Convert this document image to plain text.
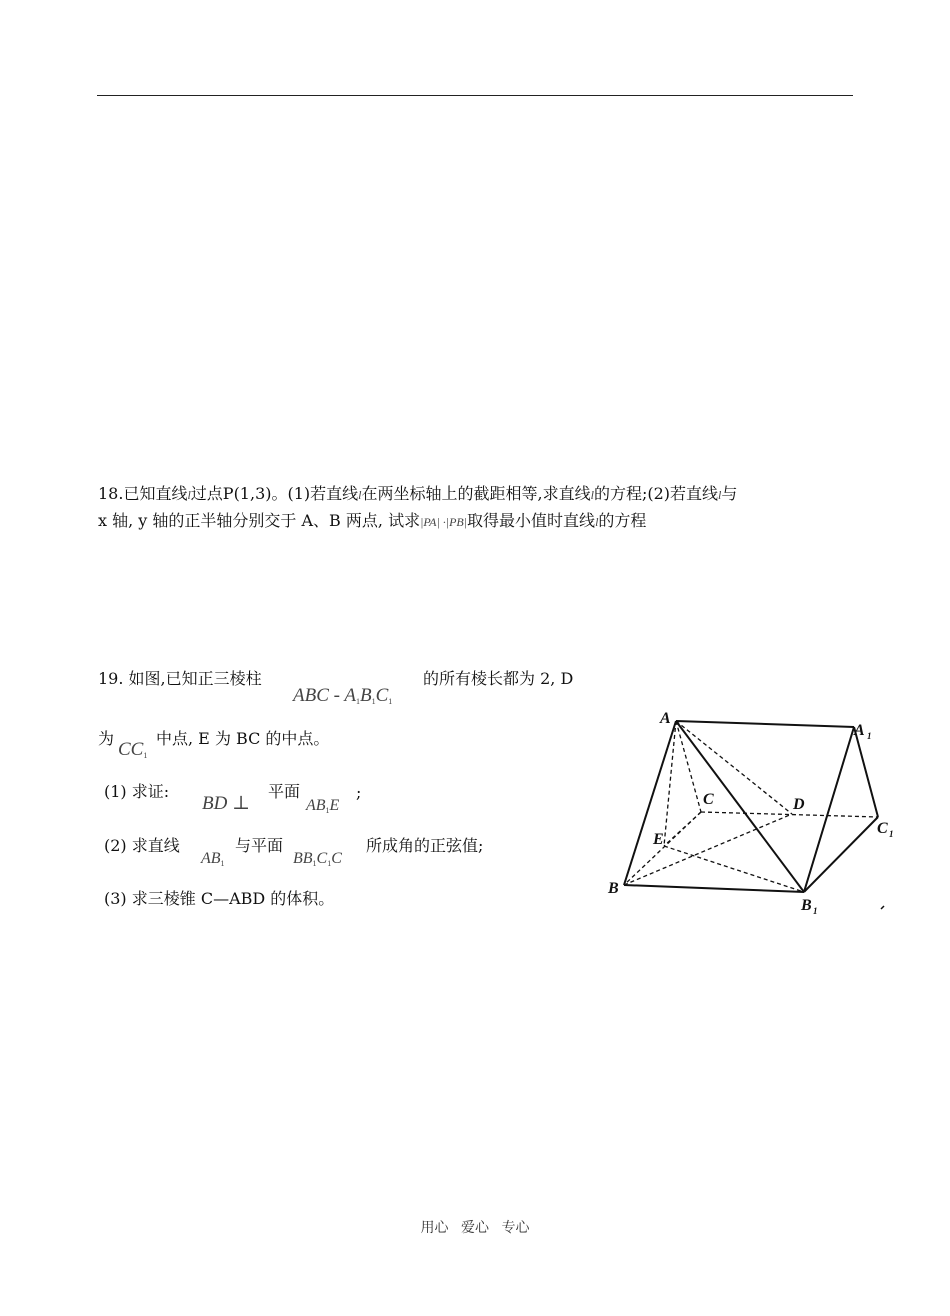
18.已知直线l过点P(1,3)。(1)若直线l在两坐标轴上的截距相等,求直线l的方程;(2)若直线l与
x 轴, y 轴的正半轴分别交于 A、B 两点, 试求|PA| ·|PB|取得最小值时直线l的方程
19. 如图,已知正三棱柱
ABC - $A_1B_1C_1$
的所有棱长都为 2, D
为
$CC_1$
中点, E 为 BC 的中点。
(1) 求证:
BD ⊥
平面
$AB_1E$
;
(2) 求直线
$AB_1$
与平面
$BB_1C_1C$
所成角的正弦值;
(3) 求三棱锥 C—ABD 的体积。
A
A 1
C	D
C 1
E
B
B 1
用心 爱心 专心
